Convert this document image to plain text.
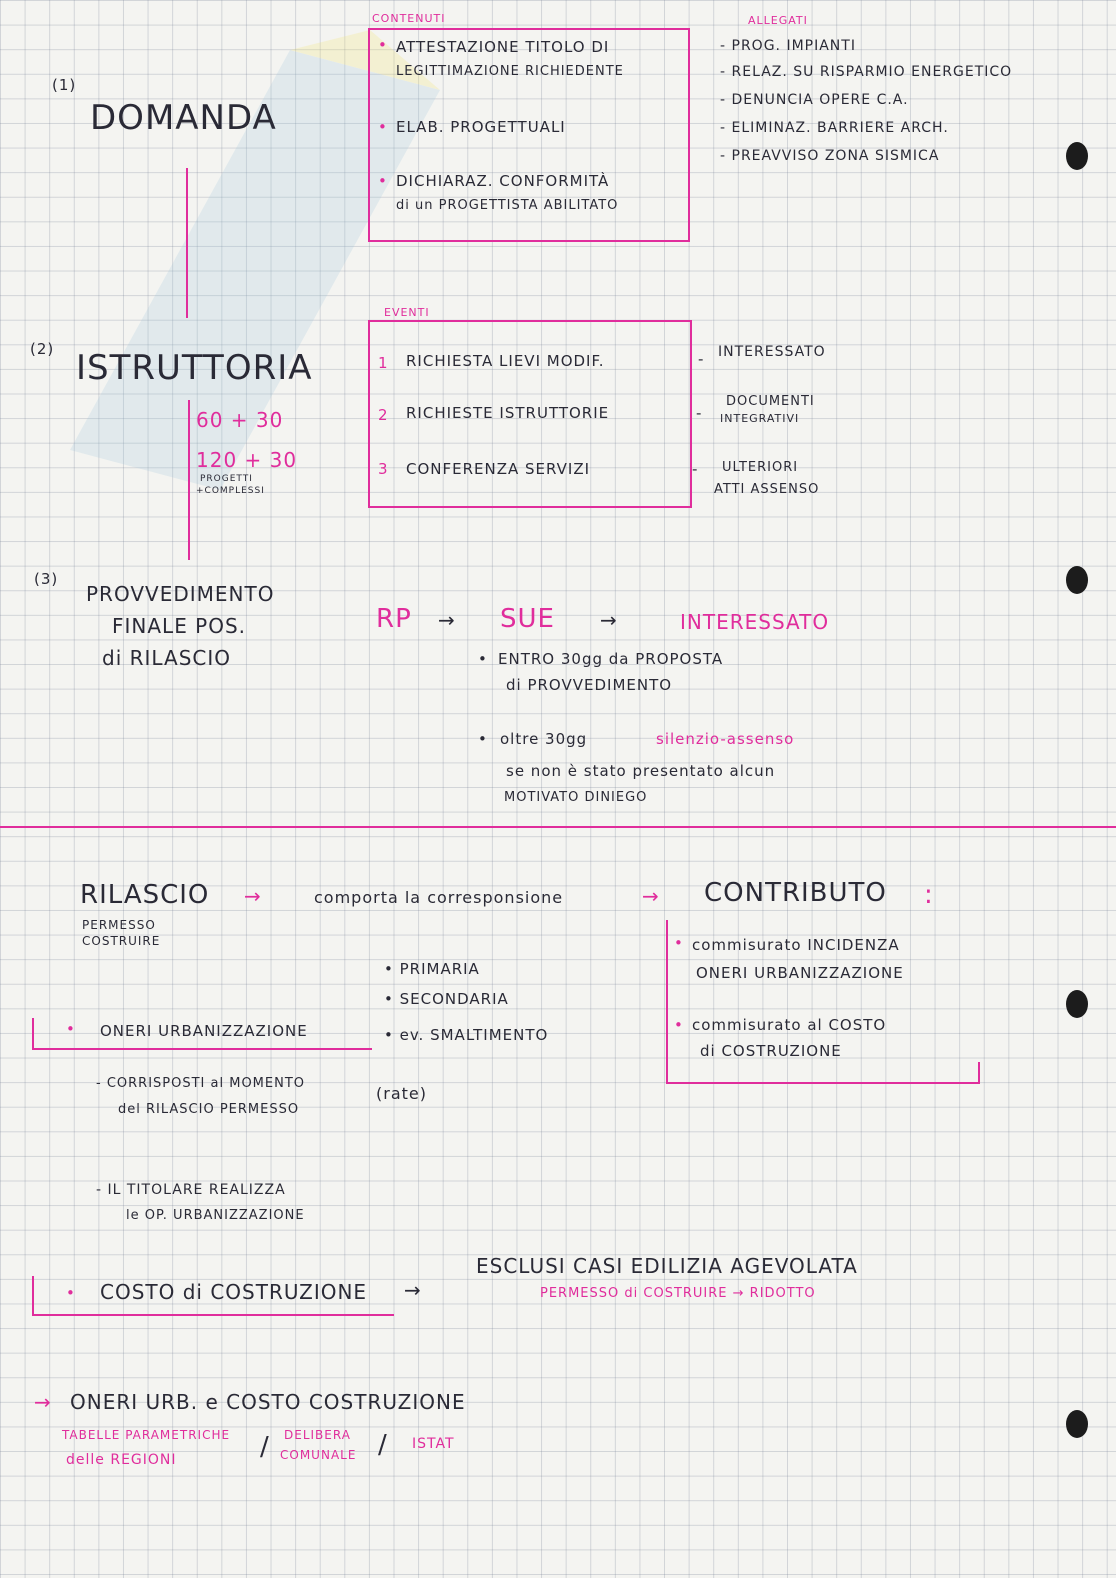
(1)
DOMANDA
CONTENUTI
• ATTESTAZIONE TITOLO DI
LEGITTIMAZIONE RICHIEDENTE
• ELAB. PROGETTUALI
• DICHIARAZ. CONFORMITÀ
di un PROGETTISTA ABILITATO
ALLEGATI
- PROG. IMPIANTI
- RELAZ. SU RISPARMIO ENERGETICO
- DENUNCIA OPERE C.A.
- ELIMINAZ. BARRIERE ARCH.
- PREAVVISO ZONA SISMICA
(2) ISTRUTTORIA
60 + 30
120 + 30
PROGETTI
+COMPLESSI
EVENTI
1 RICHIESTA LIEVI MODIF.	- INTERESSATO
2 RICHIESTE ISTRUTTORIE	-
DOCUMENTI
INTEGRATIVI
3 CONFERENZA SERVIZI	- ULTERIORI
ATTI ASSENSO
(3)
PROVVEDIMENTO
FINALE POS.
di RILASCIO
RP → SUE →	INTERESSATO
• ENTRO 30gg da PROPOSTA
di PROVVEDIMENTO
• oltre 30gg	silenzio-assenso
se non è stato presentato alcun
MOTIVATO DINIEGO
RILASCIO
PERMESSO
COSTRUIRE
→	comporta la corresponsione	→ CONTRIBUTO :
• commisurato INCIDENZA
ONERI URBANIZZAZIONE
• commisurato al COSTO
di COSTRUZIONE
• ONERI URBANIZZAZIONE
• PRIMARIA
• SECONDARIA
• ev. SMALTIMENTO
- CORRISPOSTI al MOMENTO
del RILASCIO PERMESSO
(rate)
- IL TITOLARE REALIZZA
le OP. URBANIZZAZIONE
• COSTO di COSTRUZIONE →
ESCLUSI CASI EDILIZIA AGEVOLATA
PERMESSO di COSTRUIRE → RIDOTTO
→ ONERI URB. e COSTO COSTRUZIONE
TABELLE PARAMETRICHE
delle REGIONI	/ DELIBERA
COMUNALE / ISTAT
